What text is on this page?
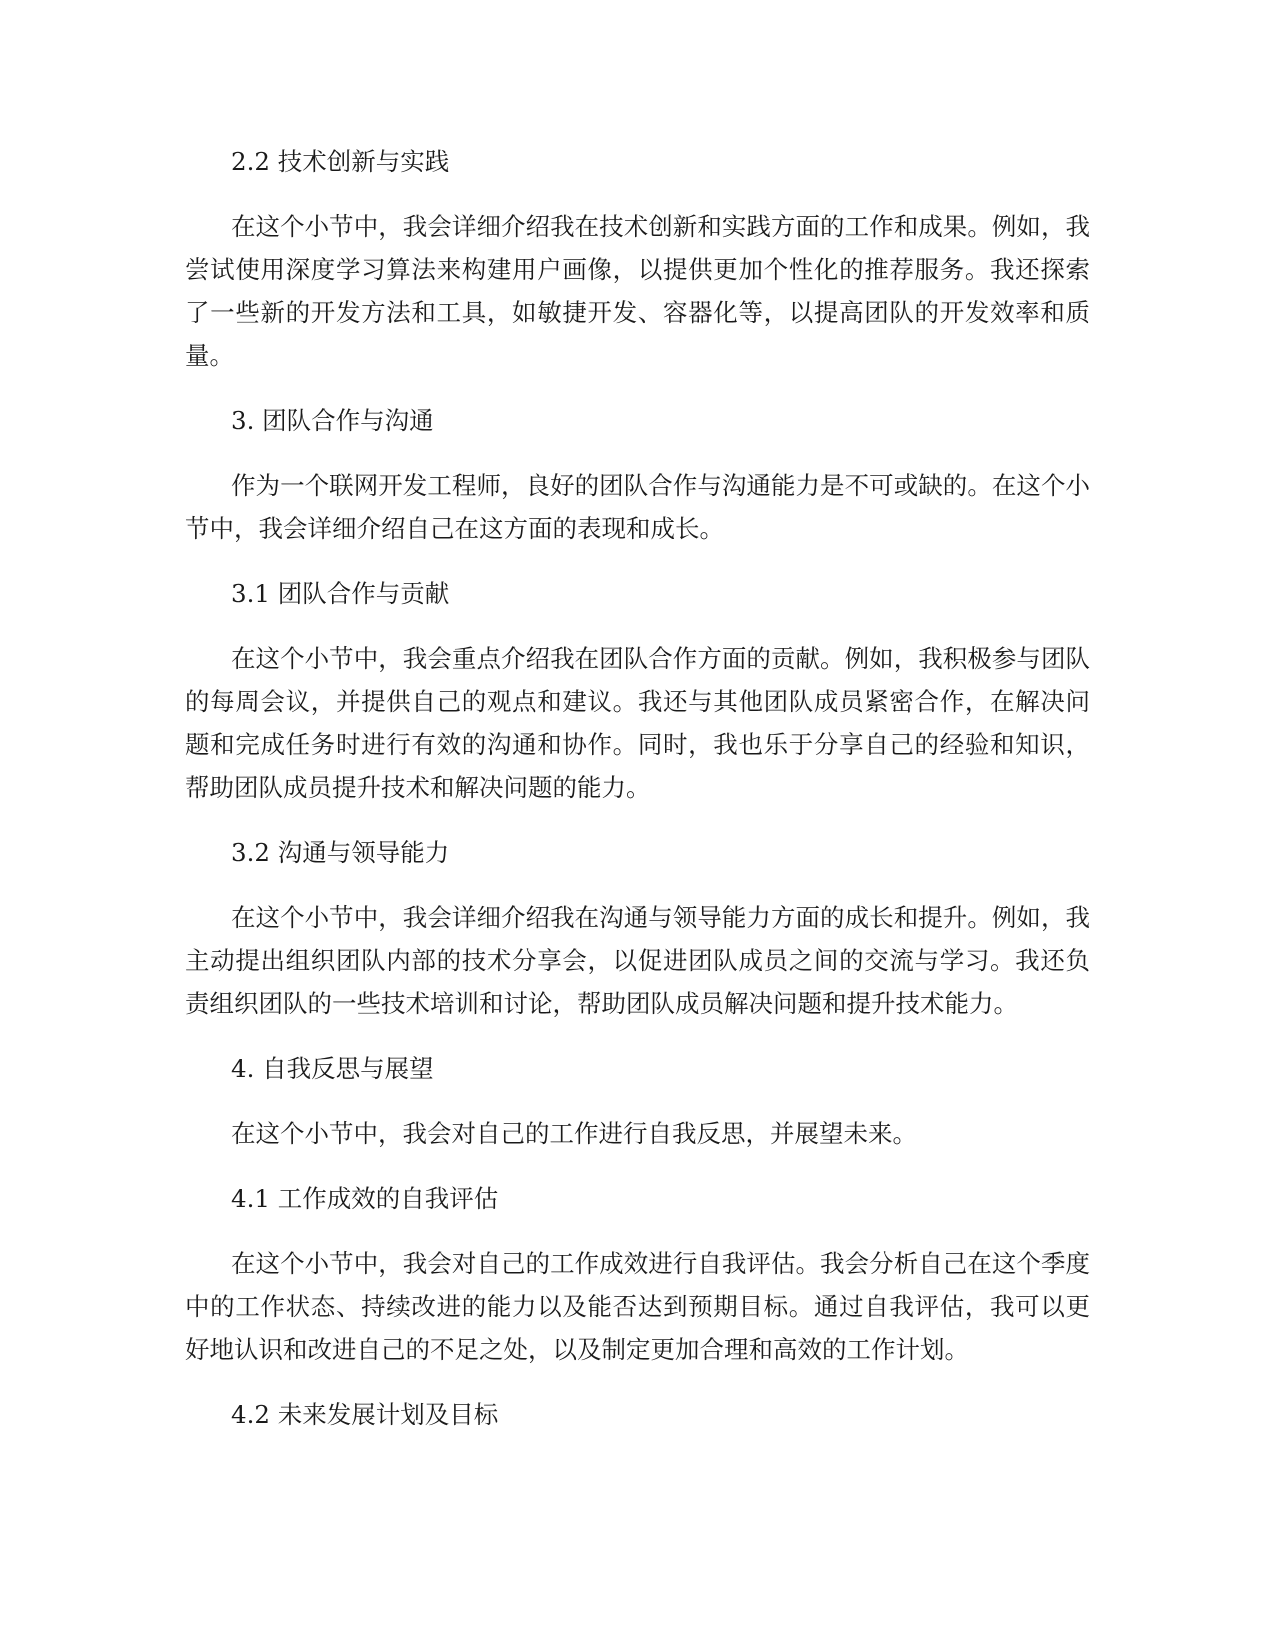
2.2 技术创新与实践

在这个小节中，我会详细介绍我在技术创新和实践方面的工作和成果。例如，我尝试使用深度学习算法来构建用户画像，以提供更加个性化的推荐服务。我还探索了一些新的开发方法和工具，如敏捷开发、容器化等，以提高团队的开发效率和质量。

3. 团队合作与沟通

作为一个联网开发工程师，良好的团队合作与沟通能力是不可或缺的。在这个小节中，我会详细介绍自己在这方面的表现和成长。

3.1 团队合作与贡献

在这个小节中，我会重点介绍我在团队合作方面的贡献。例如，我积极参与团队的每周会议，并提供自己的观点和建议。我还与其他团队成员紧密合作，在解决问题和完成任务时进行有效的沟通和协作。同时，我也乐于分享自己的经验和知识，帮助团队成员提升技术和解决问题的能力。

3.2 沟通与领导能力

在这个小节中，我会详细介绍我在沟通与领导能力方面的成长和提升。例如，我主动提出组织团队内部的技术分享会，以促进团队成员之间的交流与学习。我还负责组织团队的一些技术培训和讨论，帮助团队成员解决问题和提升技术能力。

4. 自我反思与展望

在这个小节中，我会对自己的工作进行自我反思，并展望未来。

4.1 工作成效的自我评估

在这个小节中，我会对自己的工作成效进行自我评估。我会分析自己在这个季度中的工作状态、持续改进的能力以及能否达到预期目标。通过自我评估，我可以更好地认识和改进自己的不足之处，以及制定更加合理和高效的工作计划。

4.2 未来发展计划及目标
